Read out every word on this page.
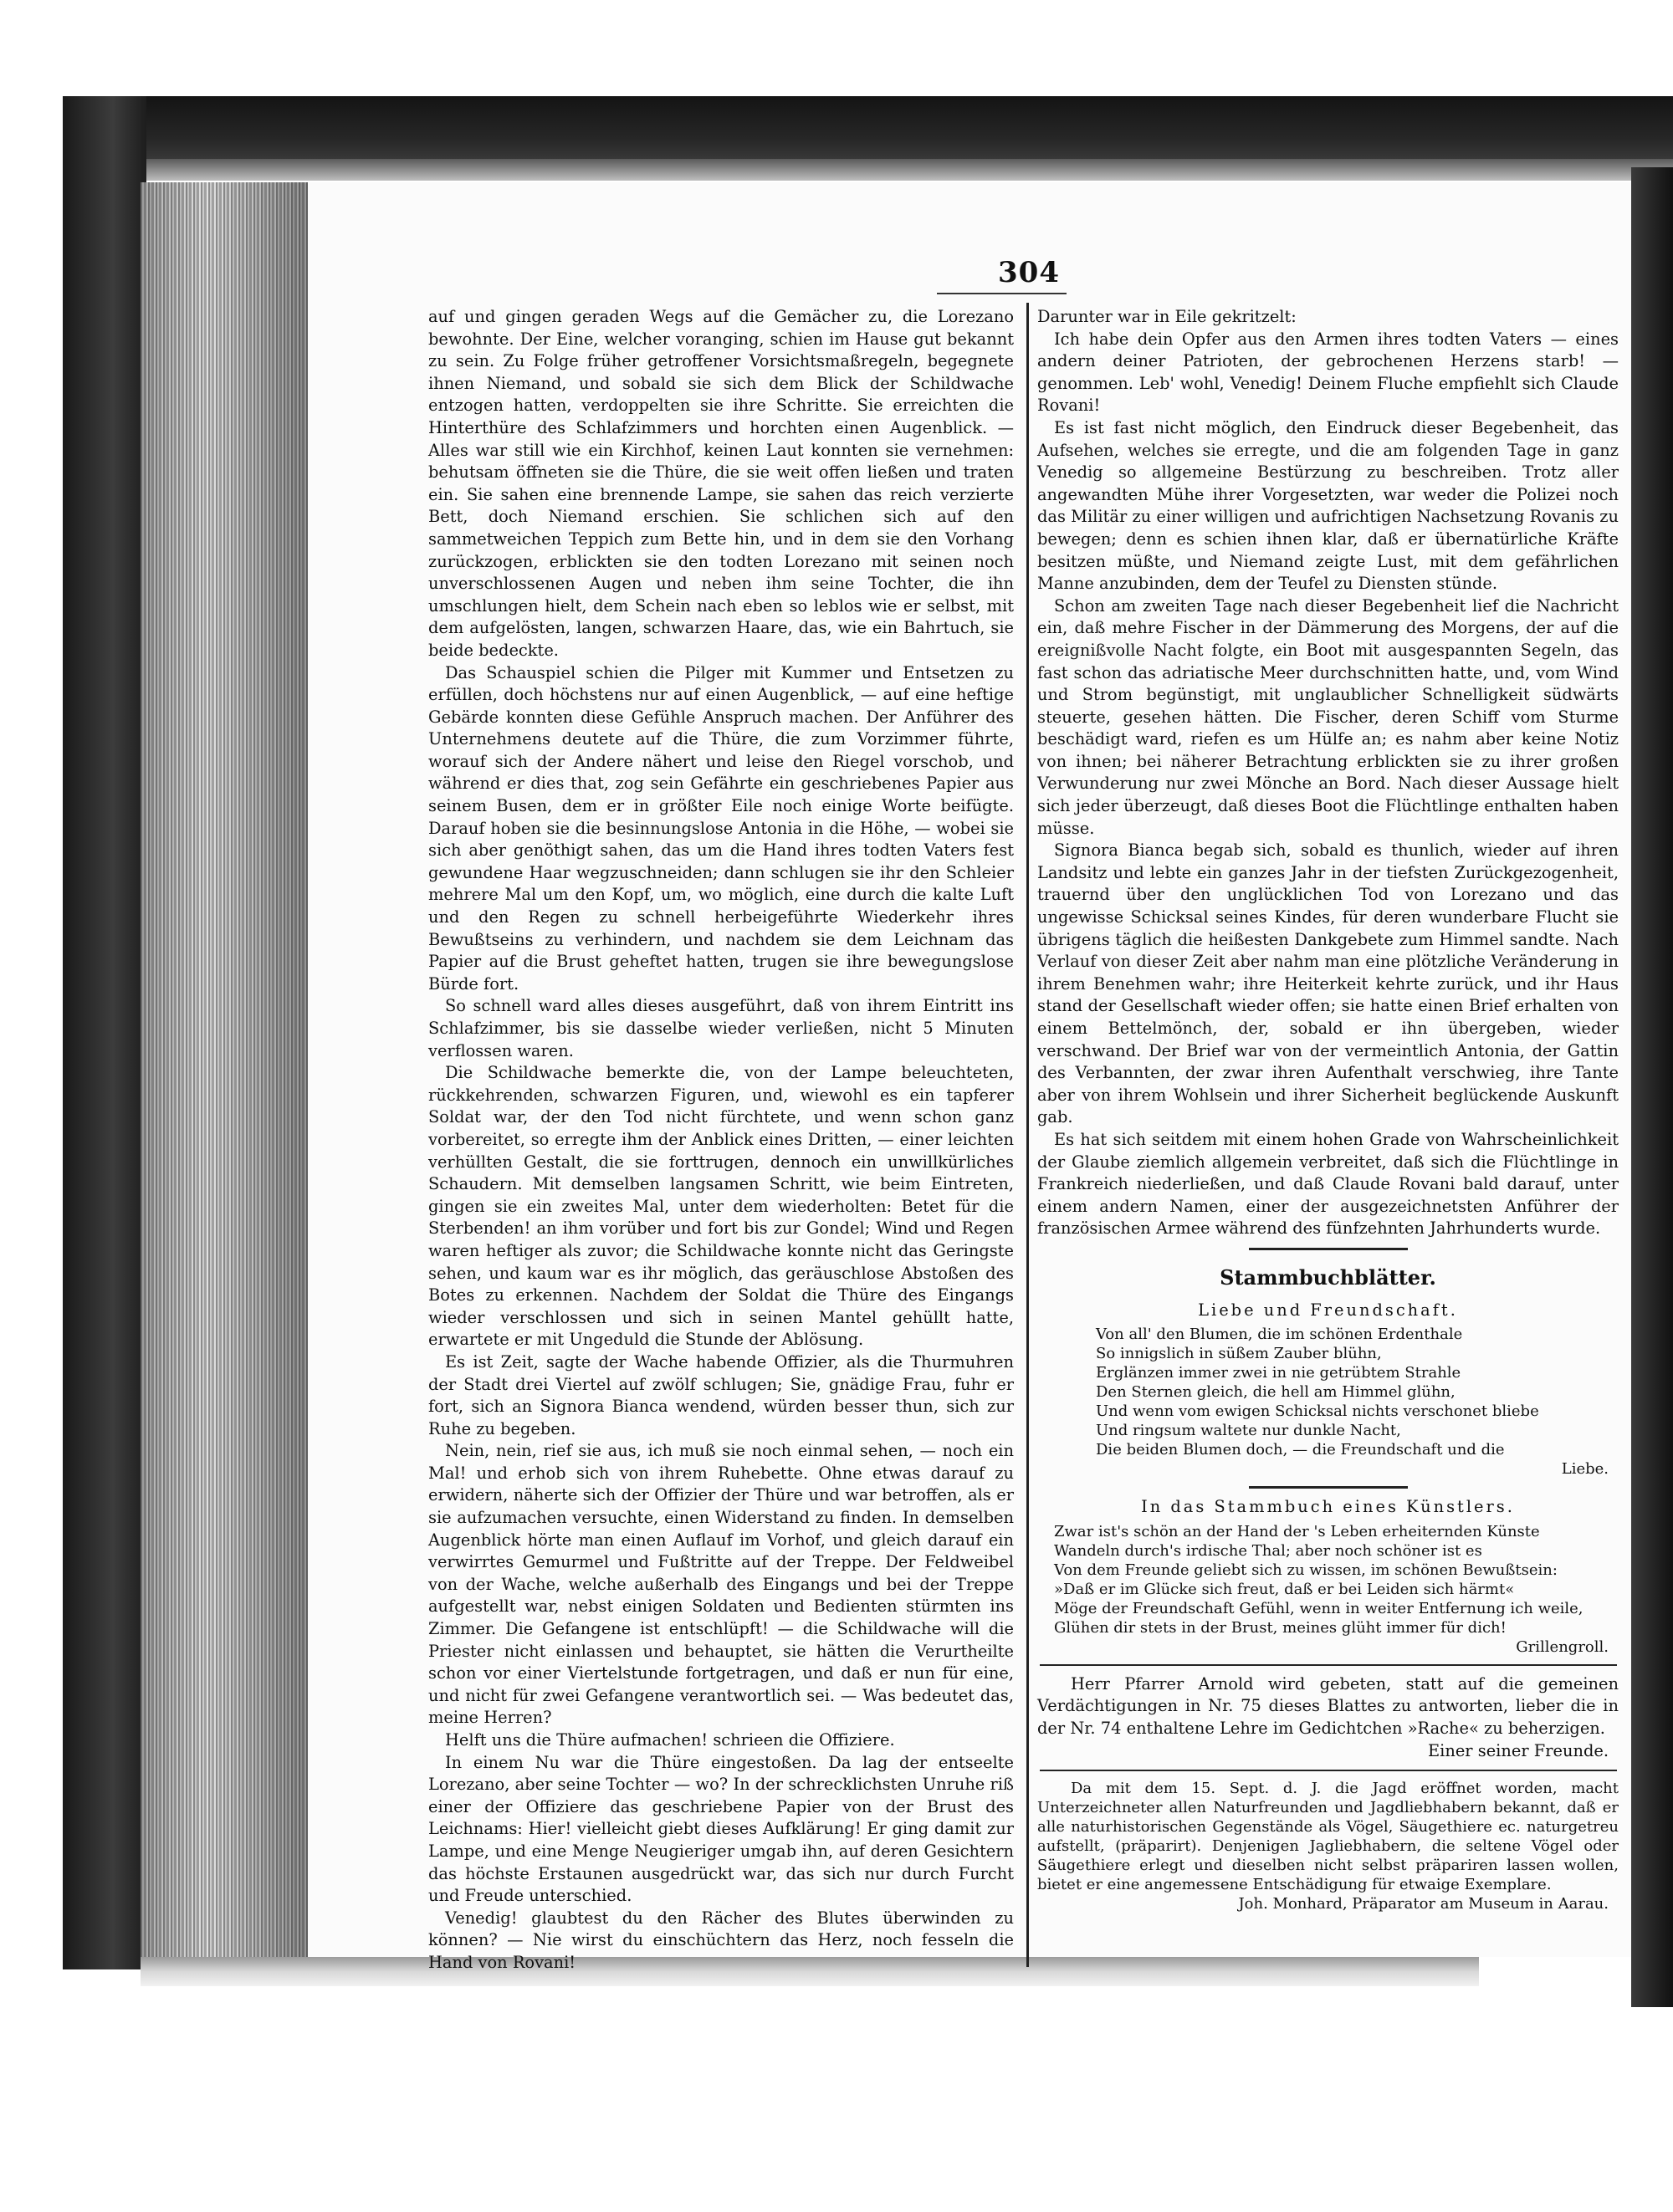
304

auf und gingen geraden Wegs auf die Gemächer zu, die Lorezano bewohnte. Der Eine, welcher voranging, schien im Hause gut bekannt zu sein. Zu Folge früher getroffener Vorsichtsmaßregeln, begegnete ihnen Niemand, und sobald sie sich dem Blick der Schildwache entzogen hatten, verdoppelten sie ihre Schritte. Sie erreichten die Hinterthüre des Schlafzimmers und horchten einen Augenblick. — Alles war still wie ein Kirchhof, keinen Laut konnten sie vernehmen: behutsam öffneten sie die Thüre, die sie weit offen ließen und traten ein. Sie sahen eine brennende Lampe, sie sahen das reich verzierte Bett, doch Niemand erschien. Sie schlichen sich auf den sammetweichen Teppich zum Bette hin, und in dem sie den Vorhang zurückzogen, erblickten sie den todten Lorezano mit seinen noch unverschlossenen Augen und neben ihm seine Tochter, die ihn umschlungen hielt, dem Schein nach eben so leblos wie er selbst, mit dem aufgelösten, langen, schwarzen Haare, das, wie ein Bahrtuch, sie beide bedeckte.

Das Schauspiel schien die Pilger mit Kummer und Entsetzen zu erfüllen, doch höchstens nur auf einen Augenblick, — auf eine heftige Gebärde konnten diese Gefühle Anspruch machen. Der Anführer des Unternehmens deutete auf die Thüre, die zum Vorzimmer führte, worauf sich der Andere nähert und leise den Riegel vorschob, und während er dies that, zog sein Gefährte ein geschriebenes Papier aus seinem Busen, dem er in größter Eile noch einige Worte beifügte. Darauf hoben sie die besinnungslose Antonia in die Höhe, — wobei sie sich aber genöthigt sahen, das um die Hand ihres todten Vaters fest gewundene Haar wegzuschneiden; dann schlugen sie ihr den Schleier mehrere Mal um den Kopf, um, wo möglich, eine durch die kalte Luft und den Regen zu schnell herbeigeführte Wiederkehr ihres Bewußtseins zu verhindern, und nachdem sie dem Leichnam das Papier auf die Brust geheftet hatten, trugen sie ihre bewegungslose Bürde fort.

So schnell ward alles dieses ausgeführt, daß von ihrem Eintritt ins Schlafzimmer, bis sie dasselbe wieder verließen, nicht 5 Minuten verflossen waren.

Die Schildwache bemerkte die, von der Lampe beleuchteten, rückkehrenden, schwarzen Figuren, und, wiewohl es ein tapferer Soldat war, der den Tod nicht fürchtete, und wenn schon ganz vorbereitet, so erregte ihm der Anblick eines Dritten, — einer leichten verhüllten Gestalt, die sie forttrugen, dennoch ein unwillkürliches Schaudern. Mit demselben langsamen Schritt, wie beim Eintreten, gingen sie ein zweites Mal, unter dem wiederholten: Betet für die Sterbenden! an ihm vorüber und fort bis zur Gondel; Wind und Regen waren heftiger als zuvor; die Schildwache konnte nicht das Geringste sehen, und kaum war es ihr möglich, das geräuschlose Abstoßen des Botes zu erkennen. Nachdem der Soldat die Thüre des Eingangs wieder verschlossen und sich in seinen Mantel gehüllt hatte, erwartete er mit Ungeduld die Stunde der Ablösung.

Es ist Zeit, sagte der Wache habende Offizier, als die Thurmuhren der Stadt drei Viertel auf zwölf schlugen; Sie, gnädige Frau, fuhr er fort, sich an Signora Bianca wendend, würden besser thun, sich zur Ruhe zu begeben.

Nein, nein, rief sie aus, ich muß sie noch einmal sehen, — noch ein Mal! und erhob sich von ihrem Ruhebette. Ohne etwas darauf zu erwidern, näherte sich der Offizier der Thüre und war betroffen, als er sie aufzumachen versuchte, einen Widerstand zu finden. In demselben Augenblick hörte man einen Auflauf im Vorhof, und gleich darauf ein verwirrtes Gemurmel und Fußtritte auf der Treppe. Der Feldweibel von der Wache, welche außerhalb des Eingangs und bei der Treppe aufgestellt war, nebst einigen Soldaten und Bedienten stürmten ins Zimmer. Die Gefangene ist entschlüpft! — die Schildwache will die Priester nicht einlassen und behauptet, sie hätten die Verurtheilte schon vor einer Viertelstunde fortgetragen, und daß er nun für eine, und nicht für zwei Gefangene verantwortlich sei. — Was bedeutet das, meine Herren?

Helft uns die Thüre aufmachen! schrieen die Offiziere.

In einem Nu war die Thüre eingestoßen. Da lag der entseelte Lorezano, aber seine Tochter — wo? In der schrecklichsten Unruhe riß einer der Offiziere das geschriebene Papier von der Brust des Leichnams: Hier! vielleicht giebt dieses Aufklärung! Er ging damit zur Lampe, und eine Menge Neugieriger umgab ihn, auf deren Gesichtern das höchste Erstaunen ausgedrückt war, das sich nur durch Furcht und Freude unterschied.

Venedig! glaubtest du den Rächer des Blutes überwinden zu können? — Nie wirst du einschüchtern das Herz, noch fesseln die Hand von Rovani!

Darunter war in Eile gekritzelt:

Ich habe dein Opfer aus den Armen ihres todten Vaters — eines andern deiner Patrioten, der gebrochenen Herzens starb! — genommen. Leb' wohl, Venedig! Deinem Fluche empfiehlt sich Claude Rovani!

Es ist fast nicht möglich, den Eindruck dieser Begebenheit, das Aufsehen, welches sie erregte, und die am folgenden Tage in ganz Venedig so allgemeine Bestürzung zu beschreiben. Trotz aller angewandten Mühe ihrer Vorgesetzten, war weder die Polizei noch das Militär zu einer willigen und aufrichtigen Nachsetzung Rovanis zu bewegen; denn es schien ihnen klar, daß er übernatürliche Kräfte besitzen müßte, und Niemand zeigte Lust, mit dem gefährlichen Manne anzubinden, dem der Teufel zu Diensten stünde.

Schon am zweiten Tage nach dieser Begebenheit lief die Nachricht ein, daß mehre Fischer in der Dämmerung des Morgens, der auf die ereignißvolle Nacht folgte, ein Boot mit ausgespannten Segeln, das fast schon das adriatische Meer durchschnitten hatte, und, vom Wind und Strom begünstigt, mit unglaublicher Schnelligkeit südwärts steuerte, gesehen hätten. Die Fischer, deren Schiff vom Sturme beschädigt ward, riefen es um Hülfe an; es nahm aber keine Notiz von ihnen; bei näherer Betrachtung erblickten sie zu ihrer großen Verwunderung nur zwei Mönche an Bord. Nach dieser Aussage hielt sich jeder überzeugt, daß dieses Boot die Flüchtlinge enthalten haben müsse.

Signora Bianca begab sich, sobald es thunlich, wieder auf ihren Landsitz und lebte ein ganzes Jahr in der tiefsten Zurückgezogenheit, trauernd über den unglücklichen Tod von Lorezano und das ungewisse Schicksal seines Kindes, für deren wunderbare Flucht sie übrigens täglich die heißesten Dankgebete zum Himmel sandte. Nach Verlauf von dieser Zeit aber nahm man eine plötzliche Veränderung in ihrem Benehmen wahr; ihre Heiterkeit kehrte zurück, und ihr Haus stand der Gesellschaft wieder offen; sie hatte einen Brief erhalten von einem Bettelmönch, der, sobald er ihn übergeben, wieder verschwand. Der Brief war von der vermeintlich Antonia, der Gattin des Verbannten, der zwar ihren Aufenthalt verschwieg, ihre Tante aber von ihrem Wohlsein und ihrer Sicherheit beglückende Auskunft gab.

Es hat sich seitdem mit einem hohen Grade von Wahrscheinlichkeit der Glaube ziemlich allgemein verbreitet, daß sich die Flüchtlinge in Frankreich niederließen, und daß Claude Rovani bald darauf, unter einem andern Namen, einer der ausgezeichnetsten Anführer der französischen Armee während des fünfzehnten Jahrhunderts wurde.

Stammbuchblätter.
Liebe und Freundschaft.
Von all' den Blumen, die im schönen Erdenthale
So innigslich in süßem Zauber blühn,
Erglänzen immer zwei in nie getrübtem Strahle
Den Sternen gleich, die hell am Himmel glühn,
Und wenn vom ewigen Schicksal nichts verschonet bliebe
Und ringsum waltete nur dunkle Nacht,
Die beiden Blumen doch, — die Freundschaft und die
Liebe.
In das Stammbuch eines Künstlers.
Zwar ist's schön an der Hand der 's Leben erheiternden Künste
Wandeln durch's irdische Thal; aber noch schöner ist es
Von dem Freunde geliebt sich zu wissen, im schönen Bewußtsein:
»Daß er im Glücke sich freut, daß er bei Leiden sich härmt«
Möge der Freundschaft Gefühl, wenn in weiter Entfernung ich weile,
Glühen dir stets in der Brust, meines glüht immer für dich!

Grillengroll.

Herr Pfarrer Arnold wird gebeten, statt auf die gemeinen Verdächtigungen in Nr. 75 dieses Blattes zu antworten, lieber die in der Nr. 74 enthaltene Lehre im Gedichtchen »Rache« zu beherzigen.

Einer seiner Freunde.

Da mit dem 15. Sept. d. J. die Jagd eröffnet worden, macht Unterzeichneter allen Naturfreunden und Jagdliebhabern bekannt, daß er alle naturhistorischen Gegenstände als Vögel, Säugethiere ec. naturgetreu aufstellt, (präparirt). Denjenigen Jagliebhabern, die seltene Vögel oder Säugethiere erlegt und dieselben nicht selbst präpariren lassen wollen, bietet er eine angemessene Entschädigung für etwaige Exemplare.

Joh. Monhard, Präparator am Museum in Aarau.
